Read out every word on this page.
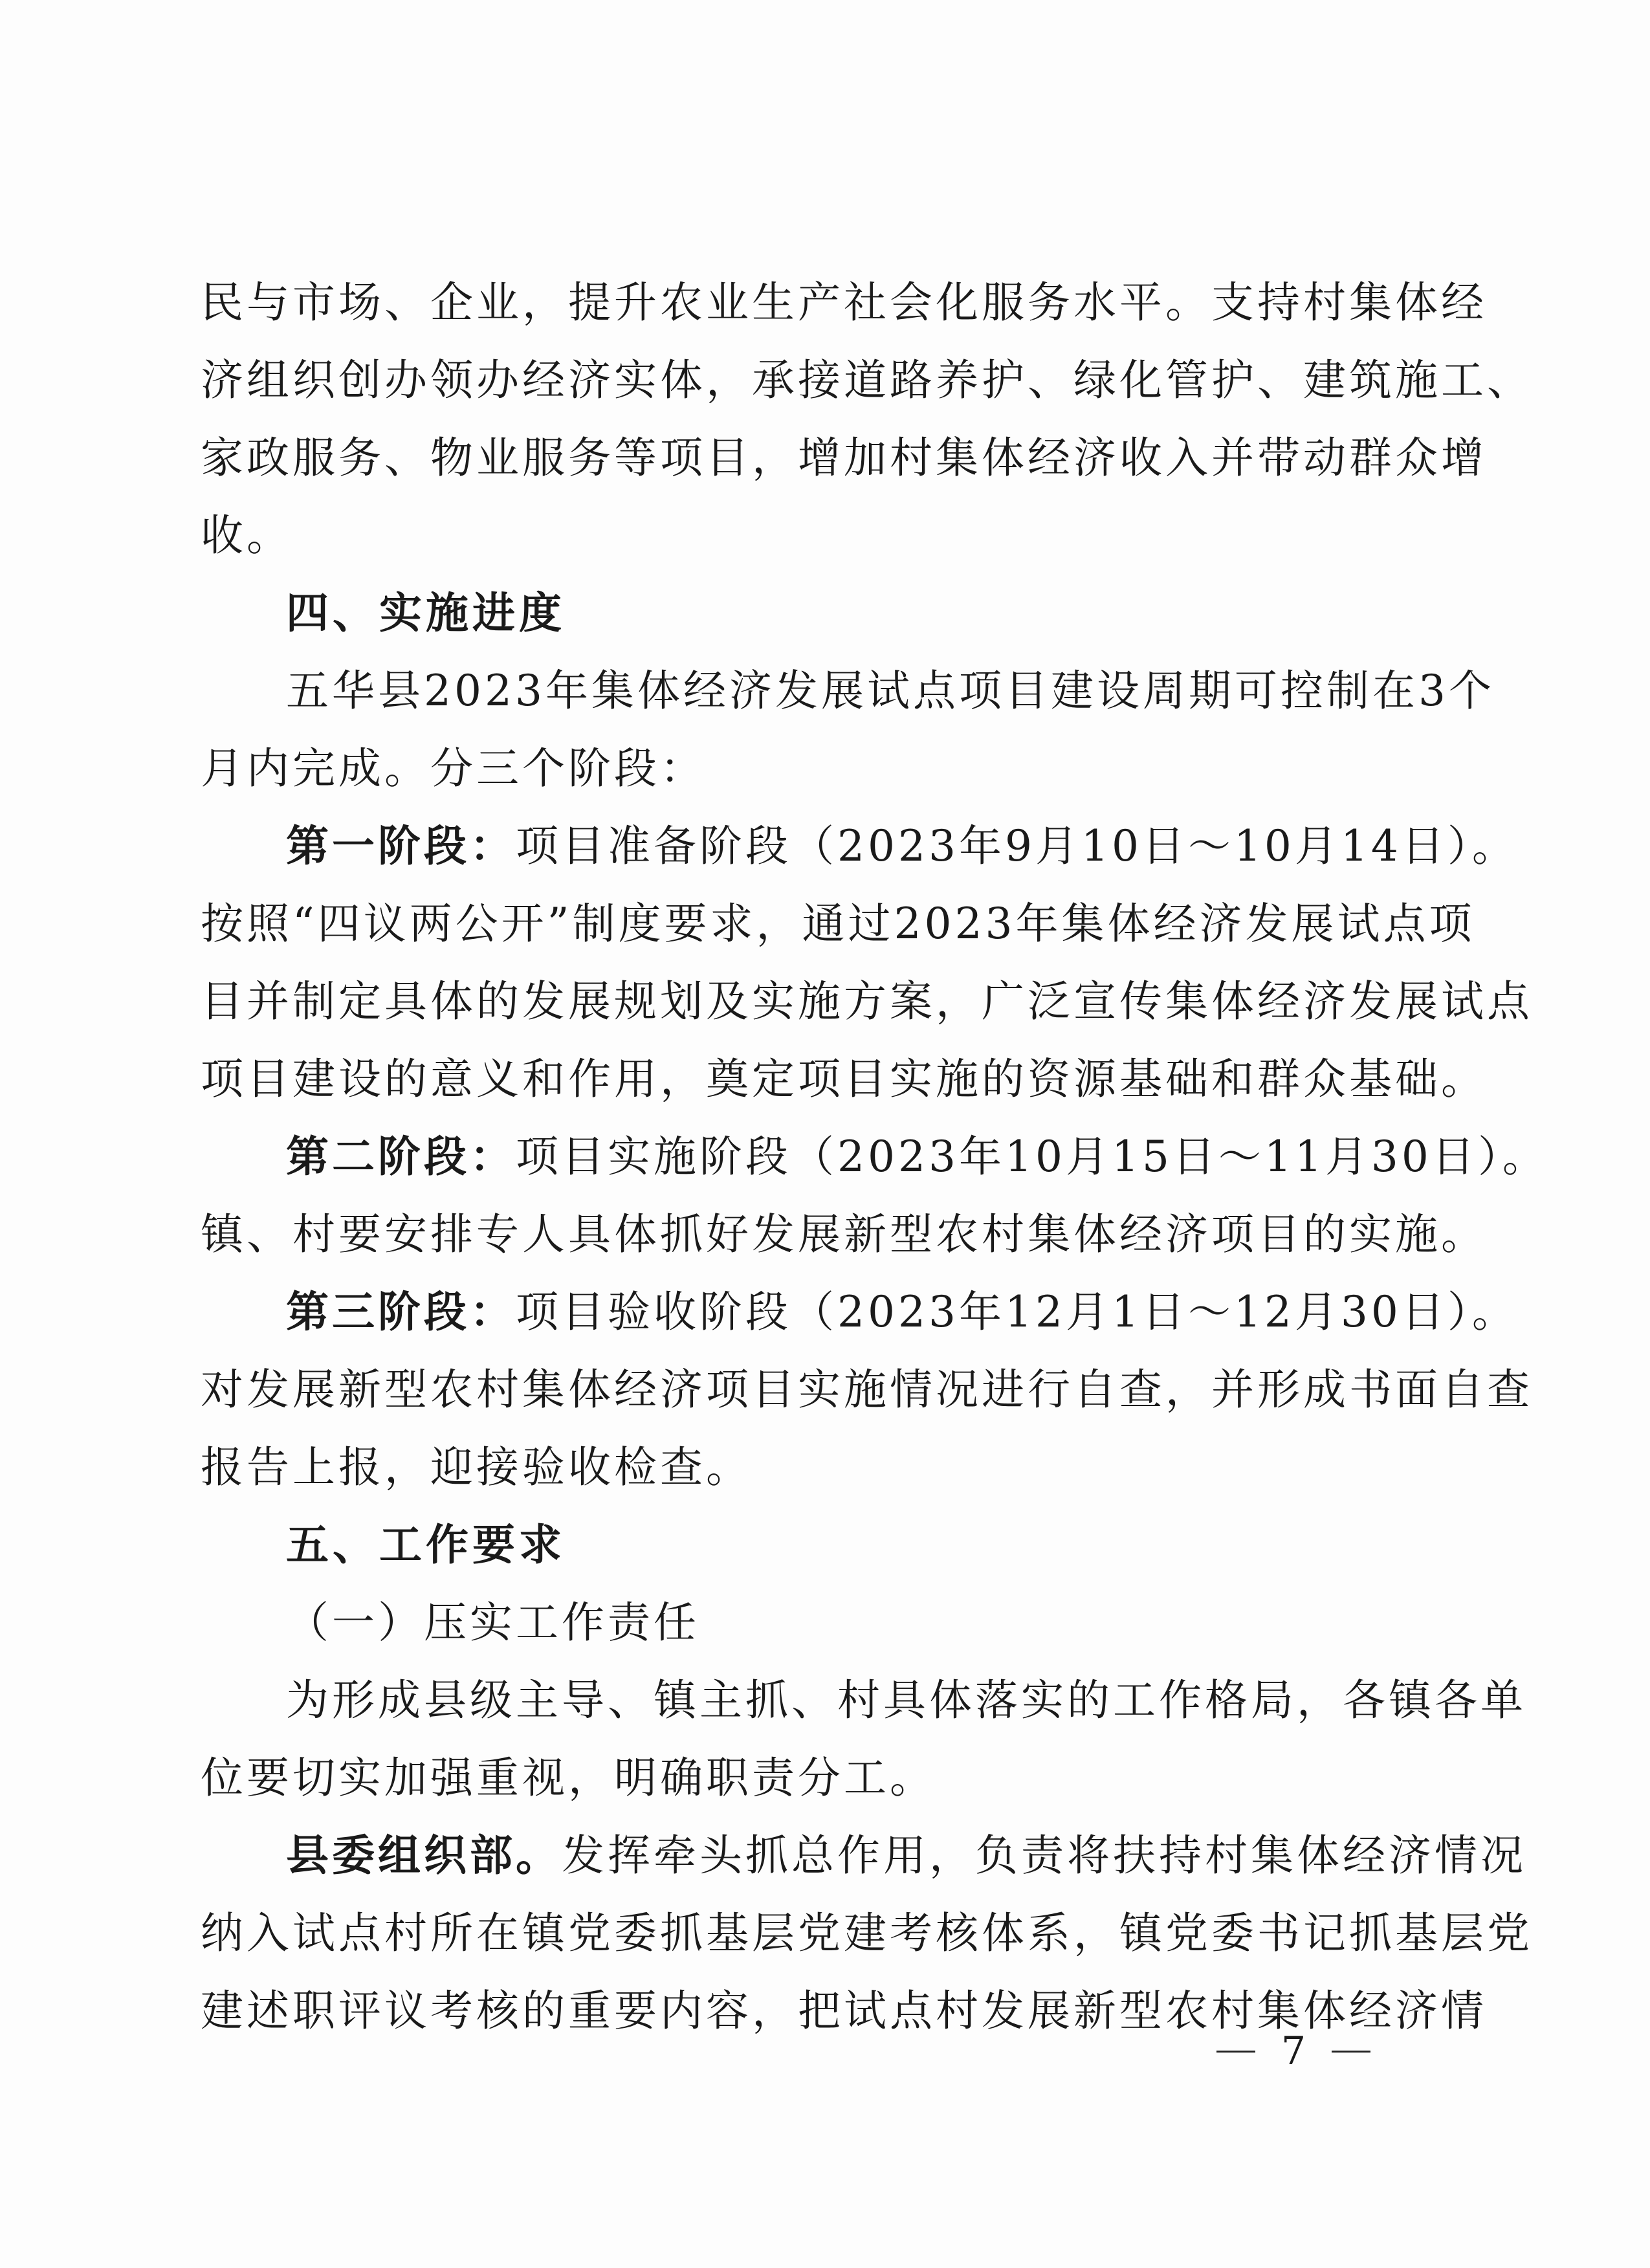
民与市场、企业，提升农业生产社会化服务水平。支持村集体经
济组织创办领办经济实体，承接道路养护、绿化管护、建筑施工、
家政服务、物业服务等项目，增加村集体经济收入并带动群众增
收。
四、实施进度
五华县2023年集体经济发展试点项目建设周期可控制在3个
月内完成。分三个阶段：
第一阶段：项目准备阶段（2023年9月10日～10月14日）。
按照“四议两公开”制度要求，通过2023年集体经济发展试点项
目并制定具体的发展规划及实施方案，广泛宣传集体经济发展试点
项目建设的意义和作用，奠定项目实施的资源基础和群众基础。
第二阶段：项目实施阶段（2023年10月15日～11月30日）。
镇、村要安排专人具体抓好发展新型农村集体经济项目的实施。
第三阶段：项目验收阶段（2023年12月1日～12月30日）。
对发展新型农村集体经济项目实施情况进行自查，并形成书面自查
报告上报，迎接验收检查。
五、工作要求
（一）压实工作责任
为形成县级主导、镇主抓、村具体落实的工作格局，各镇各单
位要切实加强重视，明确职责分工。
县委组织部。发挥牵头抓总作用，负责将扶持村集体经济情况
纳入试点村所在镇党委抓基层党建考核体系，镇党委书记抓基层党
建述职评议考核的重要内容，把试点村发展新型农村集体经济情
7
